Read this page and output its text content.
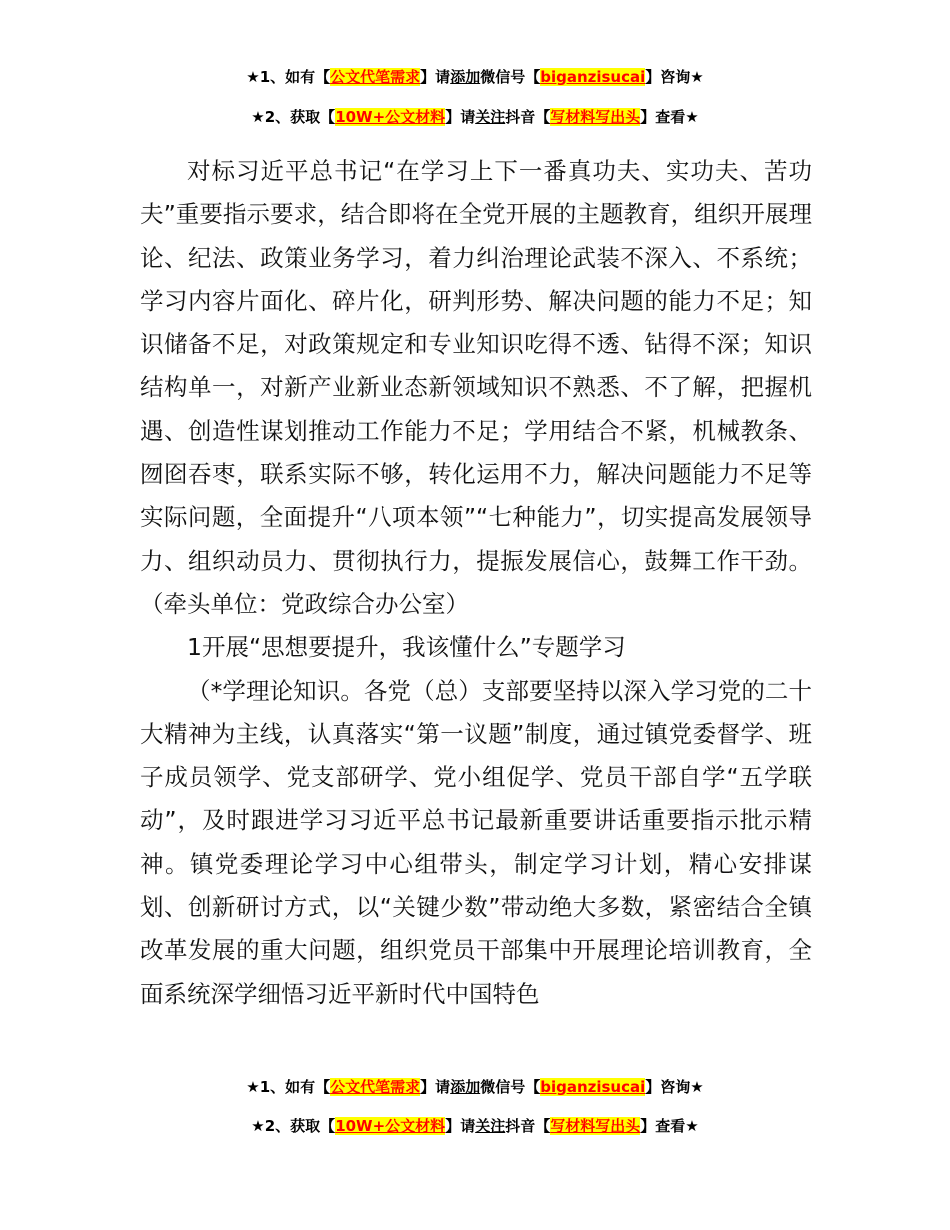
★1、如有【公文代笔需求】请添加微信号【biganzisucai】咨询★
★2、获取【10W+公文材料】请关注抖音【写材料写出头】查看★

对标习近平总书记“在学习上下一番真功夫、实功夫、苦功夫”重要指示要求，结合即将在全党开展的主题教育，组织开展理论、纪法、政策业务学习，着力纠治理论武装不深入、不系统；学习内容片面化、碎片化，研判形势、解决问题的能力不足；知识储备不足，对政策规定和专业知识吃得不透、钻得不深；知识结构单一，对新产业新业态新领域知识不熟悉、不了解，把握机遇、创造性谋划推动工作能力不足；学用结合不紧，机械教条、囫囵吞枣，联系实际不够，转化运用不力，解决问题能力不足等实际问题，全面提升“八项本领”“七种能力”，切实提高发展领导力、组织动员力、贯彻执行力，提振发展信心，鼓舞工作干劲。（牵头单位：党政综合办公室）

1开展“思想要提升，我该懂什么”专题学习

（*学理论知识。各党（总）支部要坚持以深入学习党的二十大精神为主线，认真落实“第一议题”制度，通过镇党委督学、班子成员领学、党支部研学、党小组促学、党员干部自学“五学联动”，及时跟进学习习近平总书记最新重要讲话重要指示批示精神。镇党委理论学习中心组带头，制定学习计划，精心安排谋划、创新研讨方式，以“关键少数”带动绝大多数，紧密结合全镇改革发展的重大问题，组织党员干部集中开展理论培训教育，全面系统深学细悟习近平新时代中国特色

★1、如有【公文代笔需求】请添加微信号【biganzisucai】咨询★
★2、获取【10W+公文材料】请关注抖音【写材料写出头】查看★
